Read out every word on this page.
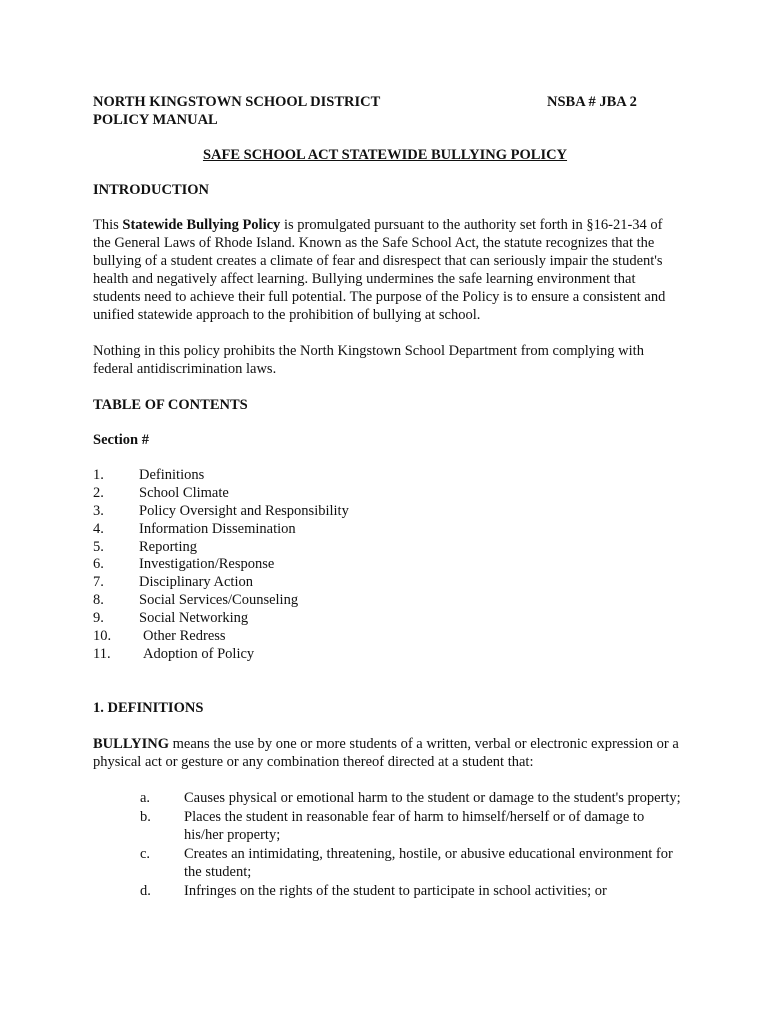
NORTH KINGSTOWN SCHOOL DISTRICT
POLICY MANUAL
NSBA # JBA 2
SAFE SCHOOL ACT STATEWIDE BULLYING POLICY
INTRODUCTION
This Statewide Bullying Policy is promulgated pursuant to the authority set forth in §16-21-34 of the General Laws of Rhode Island. Known as the Safe School Act, the statute recognizes that the bullying of a student creates a climate of fear and disrespect that can seriously impair the student's health and negatively affect learning. Bullying undermines the safe learning environment that students need to achieve their full potential. The purpose of the Policy is to ensure a consistent and unified statewide approach to the prohibition of bullying at school.
Nothing in this policy prohibits the North Kingstown School Department from complying with federal antidiscrimination laws.
TABLE OF CONTENTS
Section #
1. Definitions
2. School Climate
3. Policy Oversight and Responsibility
4. Information Dissemination
5. Reporting
6. Investigation/Response
7. Disciplinary Action
8. Social Services/Counseling
9. Social Networking
10. Other Redress
11. Adoption of Policy
1. DEFINITIONS
BULLYING means the use by one or more students of a written, verbal or electronic expression or a physical act or gesture or any combination thereof directed at a student that:
a. Causes physical or emotional harm to the student or damage to the student's property;
b. Places the student in reasonable fear of harm to himself/herself or of damage to his/her property;
c. Creates an intimidating, threatening, hostile, or abusive educational environment for the student;
d. Infringes on the rights of the student to participate in school activities; or
